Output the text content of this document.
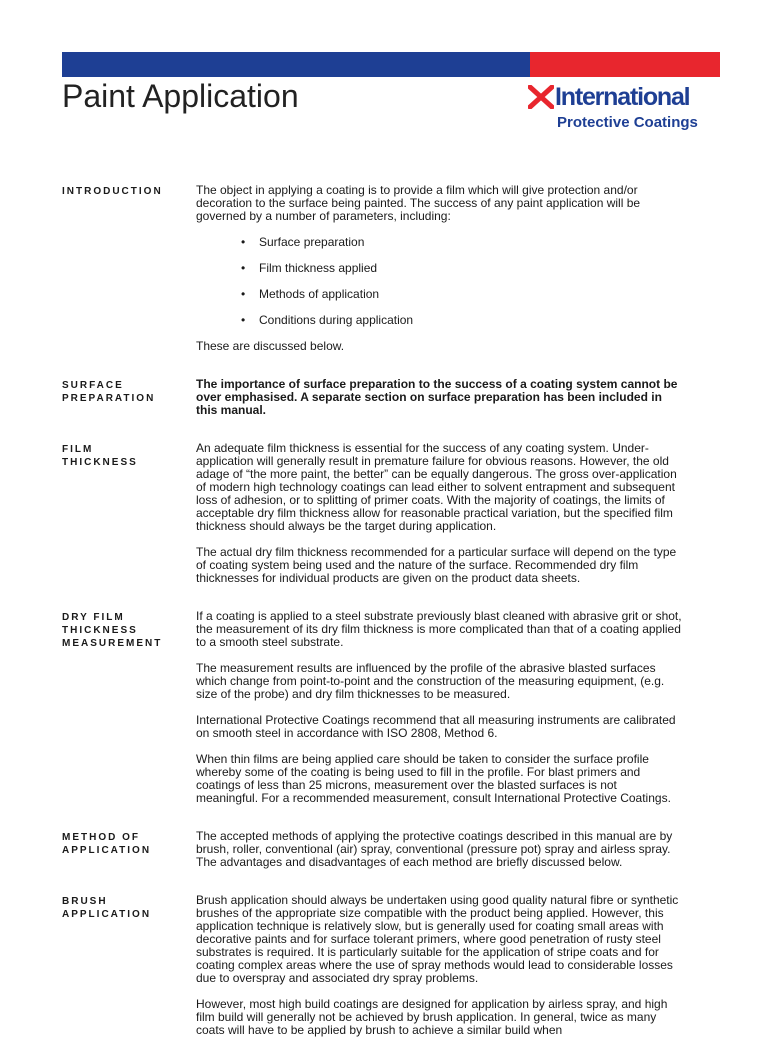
Paint Application	International
Protective Coatings
INTRODUCTION	The object in applying a coating is to provide a film which will give protection and/or decoration to the surface being painted. The success of any paint application will be governed by a number of parameters, including:

•	Surface preparation
•	Film thickness applied
•	Methods of application
•	Conditions during application

These are discussed below.

SURFACE
PREPARATION

The importance of surface preparation to the success of a coating system cannot be over emphasised. A separate section on surface preparation has been included in this manual.

FILM
THICKNESS

An adequate film thickness is essential for the success of any coating system. Under-application will generally result in premature failure for obvious reasons. However, the old adage of “the more paint, the better” can be equally dangerous. The gross over-application of modern high technology coatings can lead either to solvent entrapment and subsequent loss of adhesion, or to splitting of primer coats. With the majority of coatings, the limits of acceptable dry film thickness allow for reasonable practical variation, but the specified film thickness should always be the target during application.

The actual dry film thickness recommended for a particular surface will depend on the type of coating system being used and the nature of the surface. Recommended dry film thicknesses for individual products are given on the product data sheets.

DRY FILM
THICKNESS
MEASUREMENT

If a coating is applied to a steel substrate previously blast cleaned with abrasive grit or shot, the measurement of its dry film thickness is more complicated than that of a coating applied to a smooth steel substrate.

The measurement results are influenced by the profile of the abrasive blasted surfaces which change from point-to-point and the construction of the measuring equipment, (e.g. size of the probe) and dry film thicknesses to be measured.

International Protective Coatings recommend that all measuring instruments are calibrated on smooth steel in accordance with ISO 2808, Method 6.

When thin films are being applied care should be taken to consider the surface profile whereby some of the coating is being used to fill in the profile. For blast primers and coatings of less than 25 microns, measurement over the blasted surfaces is not meaningful. For a recommended measurement, consult International Protective Coatings.

METHOD OF
APPLICATION

The accepted methods of applying the protective coatings described in this manual are by brush, roller, conventional (air) spray, conventional (pressure pot) spray and airless spray. The advantages and disadvantages of each method are briefly discussed below.

BRUSH
APPLICATION

Brush application should always be undertaken using good quality natural fibre or synthetic brushes of the appropriate size compatible with the product being applied. However, this application technique is relatively slow, but is generally used for coating small areas with decorative paints and for surface tolerant primers, where good penetration of rusty steel substrates is required. It is particularly suitable for the application of stripe coats and for coating complex areas where the use of spray methods would lead to considerable losses due to overspray and associated dry spray problems.

However, most high build coatings are designed for application by airless spray, and high film build will generally not be achieved by brush application. In general, twice as many coats will have to be applied by brush to achieve a similar build when
